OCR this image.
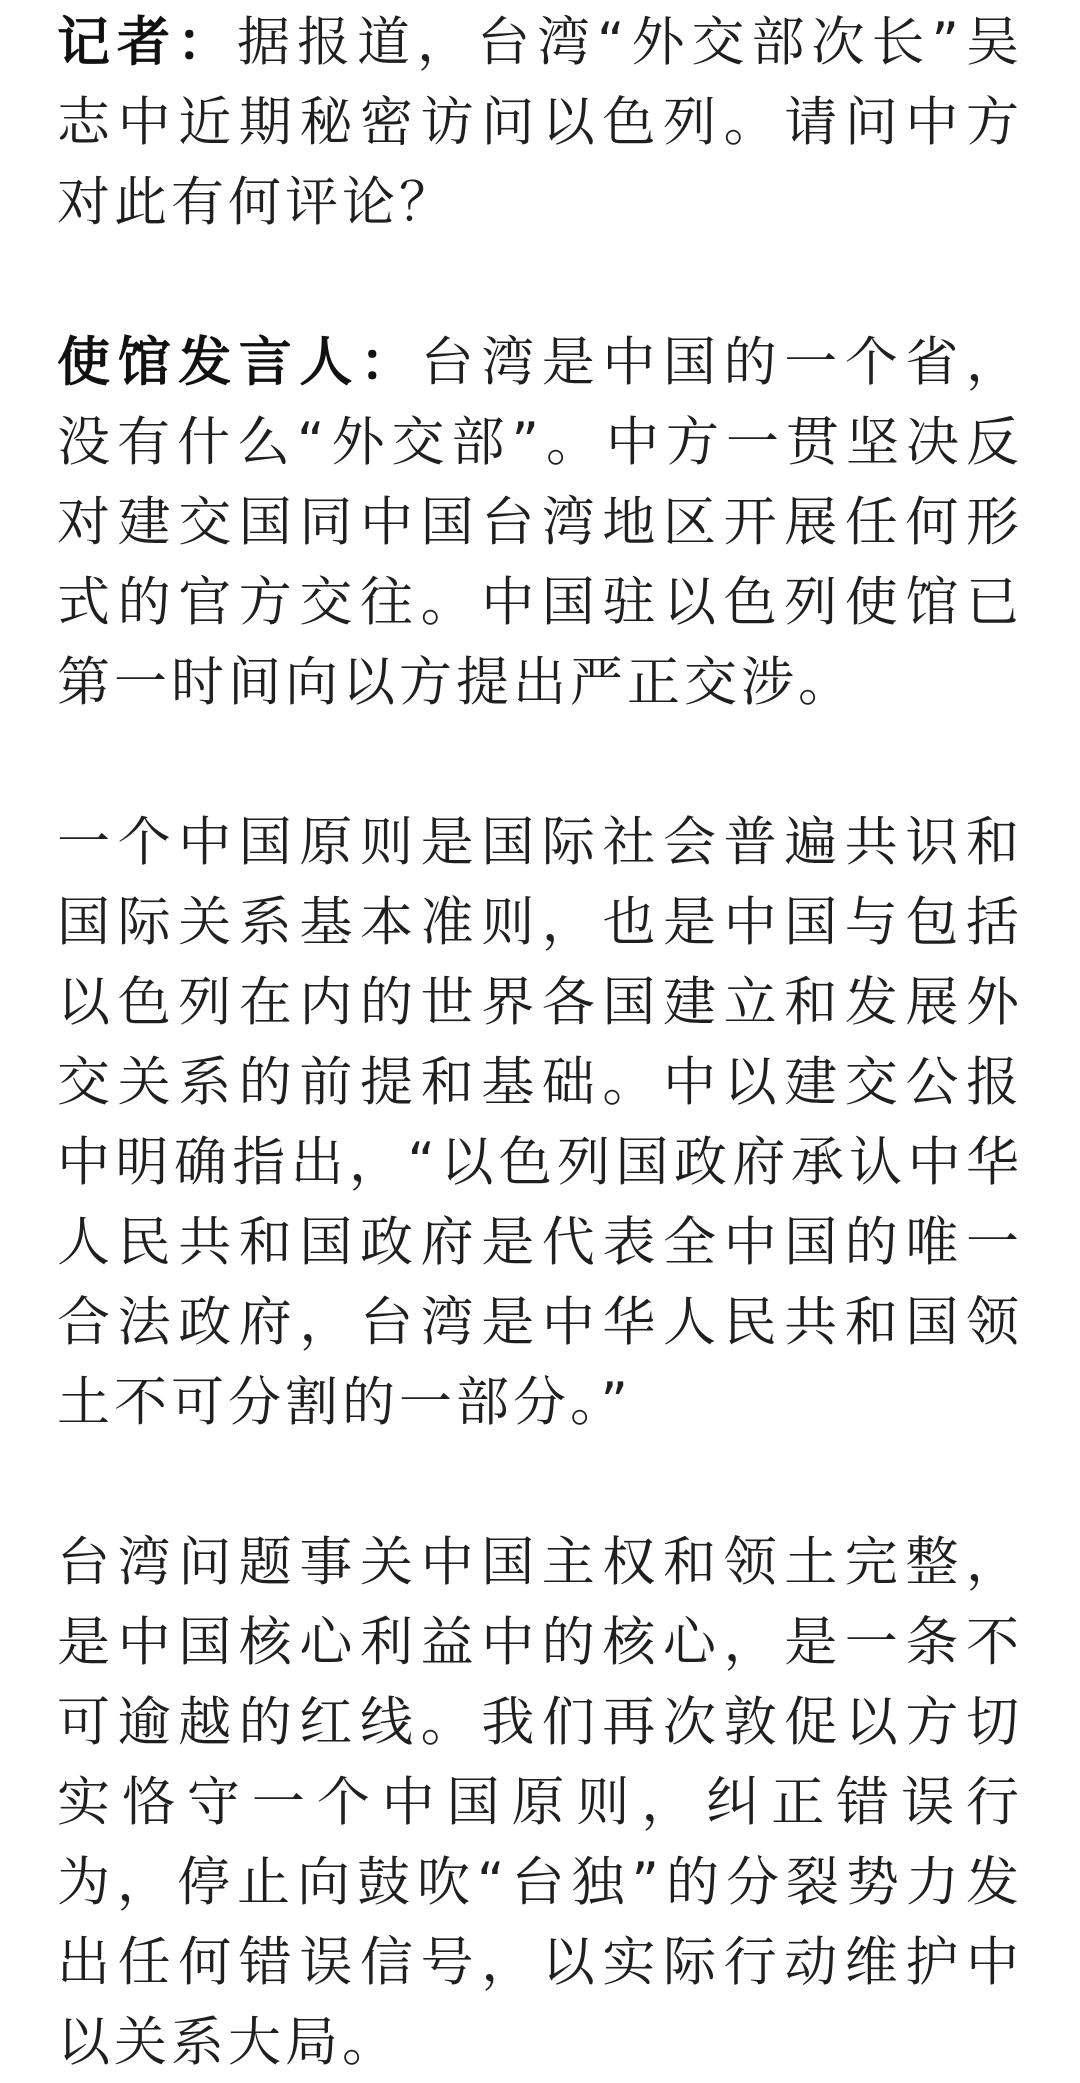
记者：据报道，台湾“外交部次长”吴志中近期秘密访问以色列。请问中方对此有何评论？

使馆发言人：台湾是中国的一个省，没有什么“外交部”。中方一贯坚决反对建交国同中国台湾地区开展任何形式的官方交往。中国驻以色列使馆已第一时间向以方提出严正交涉。

一个中国原则是国际社会普遍共识和国际关系基本准则，也是中国与包括以色列在内的世界各国建立和发展外交关系的前提和基础。中以建交公报中明确指出，“以色列国政府承认中华人民共和国政府是代表全中国的唯一合法政府，台湾是中华人民共和国领土不可分割的一部分。”

台湾问题事关中国主权和领土完整，是中国核心利益中的核心，是一条不可逾越的红线。我们再次敦促以方切实恪守一个中国原则，纠正错误行为，停止向鼓吹“台独”的分裂势力发出任何错误信号，以实际行动维护中以关系大局。
